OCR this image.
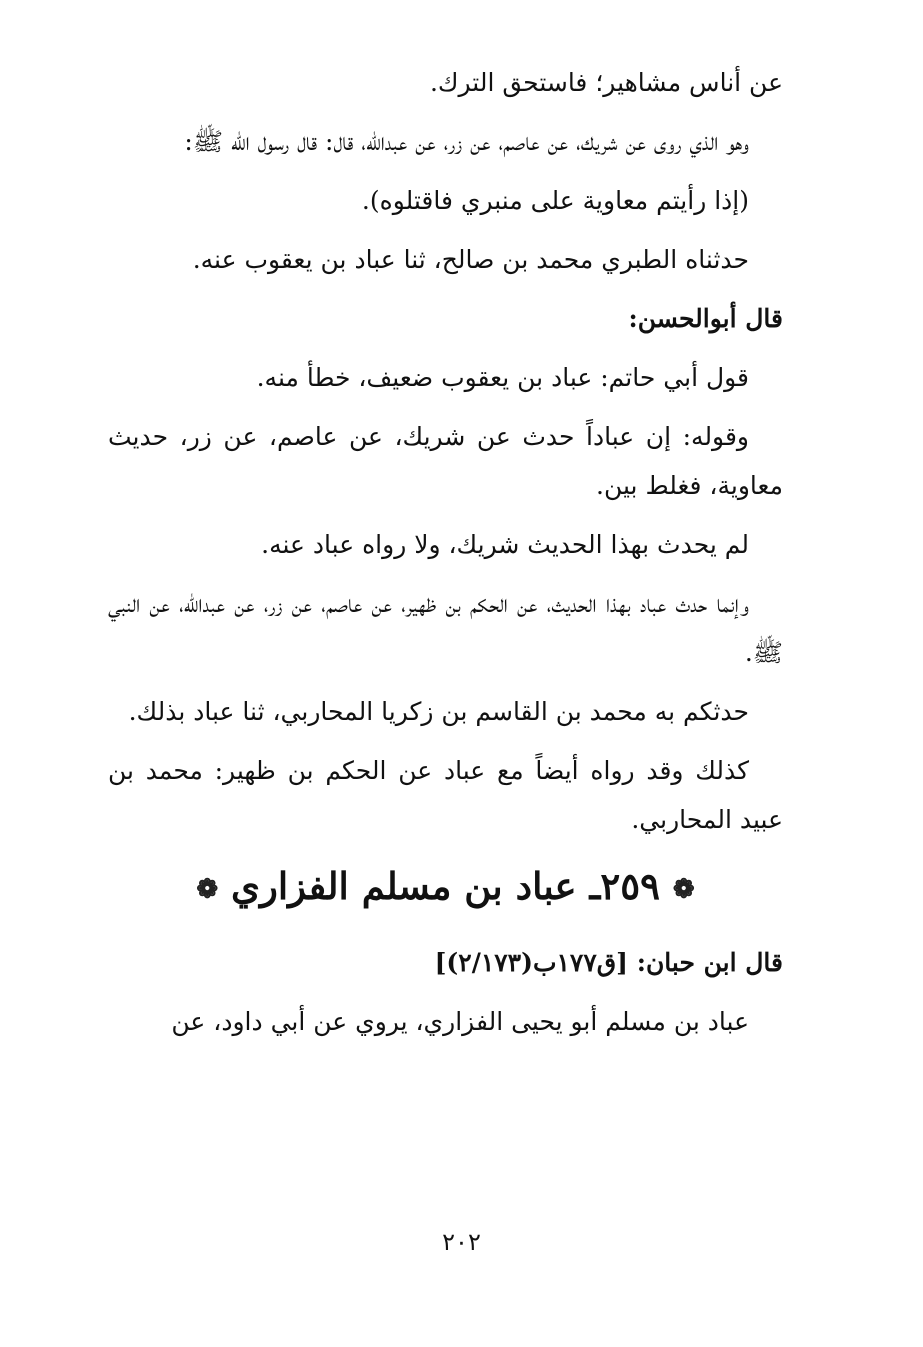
عن أناس مشاهير؛ فاستحق الترك.

وهو الذي روى عن شريك، عن عاصم، عن زر، عن عبدالله، قال: قال رسول الله ﷺ:

(إذا رأيتم معاوية على منبري فاقتلوه).

حدثناه الطبري محمد بن صالح، ثنا عباد بن يعقوب عنه.

قال أبوالحسن:

قول أبي حاتم: عباد بن يعقوب ضعيف، خطأ منه.

وقوله: إن عباداً حدث عن شريك، عن عاصم، عن زر، حديث معاوية، فغلط بين.

لم يحدث بهذا الحديث شريك، ولا رواه عباد عنه.

وإنما حدث عباد بهذا الحديث، عن الحكم بن ظهير، عن عاصم، عن زر، عن عبدالله، عن النبي ﷺ.

حدثكم به محمد بن القاسم بن زكريا المحاربي، ثنا عباد بذلك.

كذلك وقد رواه أيضاً مع عباد عن الحكم بن ظهير: محمد بن عبيد المحاربي.

❁ ٢٥٩ـ عباد بن مسلم الفزاري ❁

قال ابن حبان: [ق١٧٧ب(٢/١٧٣)]

عباد بن مسلم أبو يحيى الفزاري، يروي عن أبي داود، عن

٢٠٢
